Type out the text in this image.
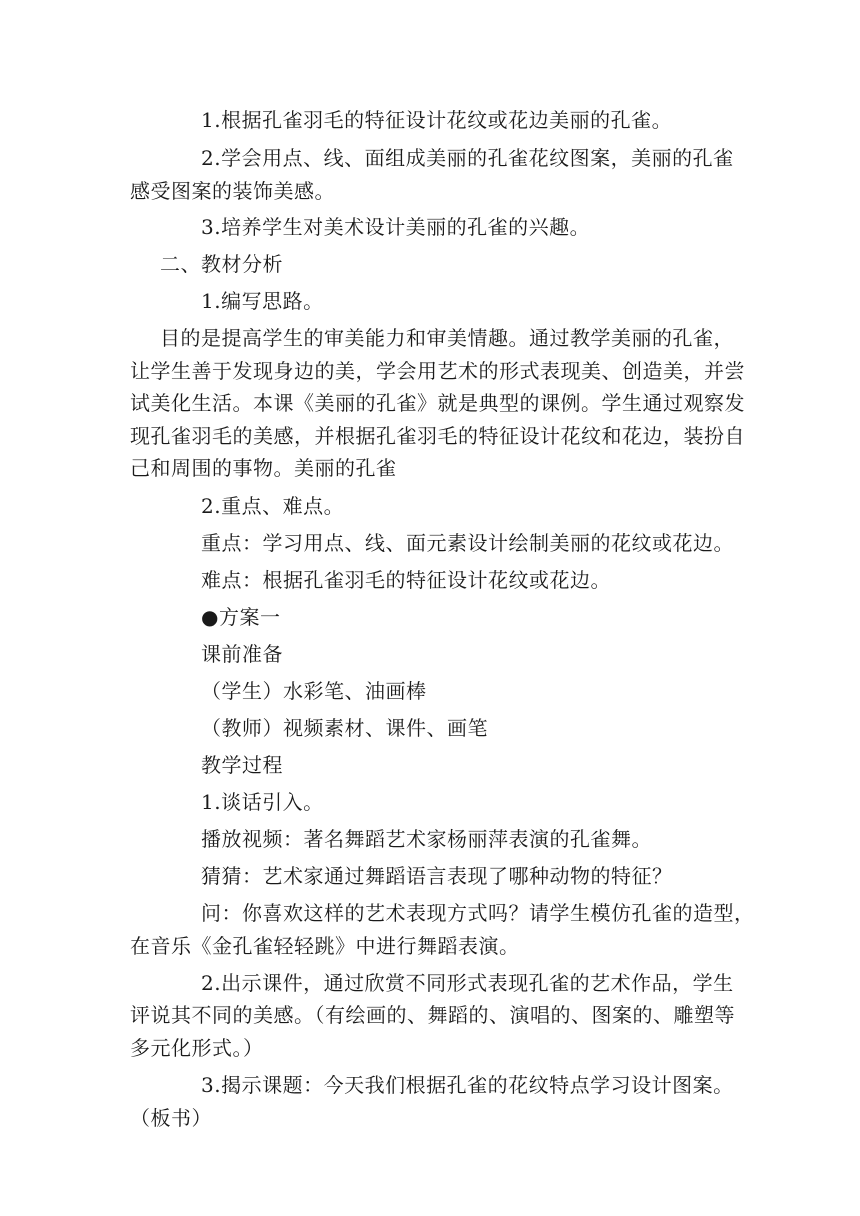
1.根据孔雀羽毛的特征设计花纹或花边美丽的孔雀。
2.学会用点、线、面组成美丽的孔雀花纹图案，美丽的孔雀
感受图案的装饰美感。
3.培养学生对美术设计美丽的孔雀的兴趣。
二、教材分析
1.编写思路。
目的是提高学生的审美能力和审美情趣。通过教学美丽的孔雀，
让学生善于发现身边的美，学会用艺术的形式表现美、创造美，并尝
试美化生活。本课《美丽的孔雀》就是典型的课例。学生通过观察发
现孔雀羽毛的美感，并根据孔雀羽毛的特征设计花纹和花边，装扮自
己和周围的事物。美丽的孔雀
2.重点、难点。
重点：学习用点、线、面元素设计绘制美丽的花纹或花边。
难点：根据孔雀羽毛的特征设计花纹或花边。
●方案一
课前准备
（学生）水彩笔、油画棒
（教师）视频素材、课件、画笔
教学过程
1.谈话引入。
播放视频：著名舞蹈艺术家杨丽萍表演的孔雀舞。
猜猜：艺术家通过舞蹈语言表现了哪种动物的特征？
问：你喜欢这样的艺术表现方式吗？请学生模仿孔雀的造型，
在音乐《金孔雀轻轻跳》中进行舞蹈表演。
2.出示课件，通过欣赏不同形式表现孔雀的艺术作品，学生
评说其不同的美感。（有绘画的、舞蹈的、演唱的、图案的、雕塑等
多元化形式。）
3.揭示课题：今天我们根据孔雀的花纹特点学习设计图案。
（板书）
